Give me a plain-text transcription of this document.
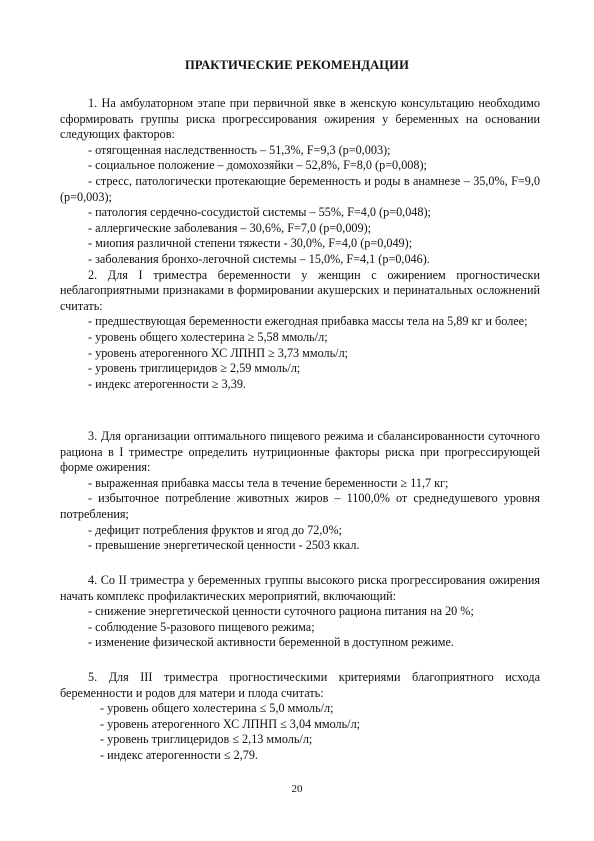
ПРАКТИЧЕСКИЕ РЕКОМЕНДАЦИИ

1. На амбулаторном этапе при первичной явке в женскую консультацию необходимо сформировать группы риска прогрессирования ожирения у беременных на основании следующих факторов:

- отягощенная наследственность – 51,3%, F=9,3 (p=0,003);

- социальное положение – домохозяйки – 52,8%, F=8,0 (p=0,008);

- стресс, патологически протекающие беременность и роды в анамнезе – 35,0%, F=9,0 (p=0,003);

- патология сердечно-сосудистой системы – 55%, F=4,0 (p=0,048);

- аллергические заболевания – 30,6%, F=7,0 (p=0,009);

- миопия различной степени тяжести - 30,0%, F=4,0 (p=0,049);

- заболевания бронхо-легочной системы – 15,0%, F=4,1 (p=0,046).

2. Для I триместра беременности у женщин с ожирением прогностически неблагоприятными признаками в формировании акушерских и перинатальных осложнений считать:

- предшествующая беременности ежегодная прибавка массы тела на 5,89 кг и более;

- уровень общего холестерина ≥ 5,58 ммоль/л;

- уровень атерогенного ХС ЛПНП ≥ 3,73 ммоль/л;

- уровень триглицеридов ≥ 2,59 ммоль/л;

- индекс атерогенности ≥ 3,39.

3. Для организации оптимального пищевого режима и сбалансированности суточного рациона в I триместре определить нутриционные факторы риска при прогрессирующей форме ожирения:

- выраженная прибавка массы тела в течение беременности ≥ 11,7 кг;

- избыточное потребление животных жиров – 1100,0% от среднедушевого уровня потребления;

- дефицит потребления фруктов и ягод до 72,0%;

- превышение энергетической ценности - 2503 ккал.

4. Со II триместра у беременных группы высокого риска прогрессирования ожирения начать комплекс профилактических мероприятий, включающий:

- снижение энергетической ценности суточного рациона питания на 20 %;

- соблюдение 5-разового пищевого режима;

- изменение физической активности беременной в доступном режиме.

5. Для III триместра прогностическими критериями благоприятного исхода беременности и родов для матери и плода считать:

- уровень общего холестерина ≤ 5,0 ммоль/л;

- уровень атерогенного ХС ЛПНП ≤ 3,04 ммоль/л;

- уровень триглицеридов ≤ 2,13 ммоль/л;

- индекс атерогенности ≤ 2,79.

20
